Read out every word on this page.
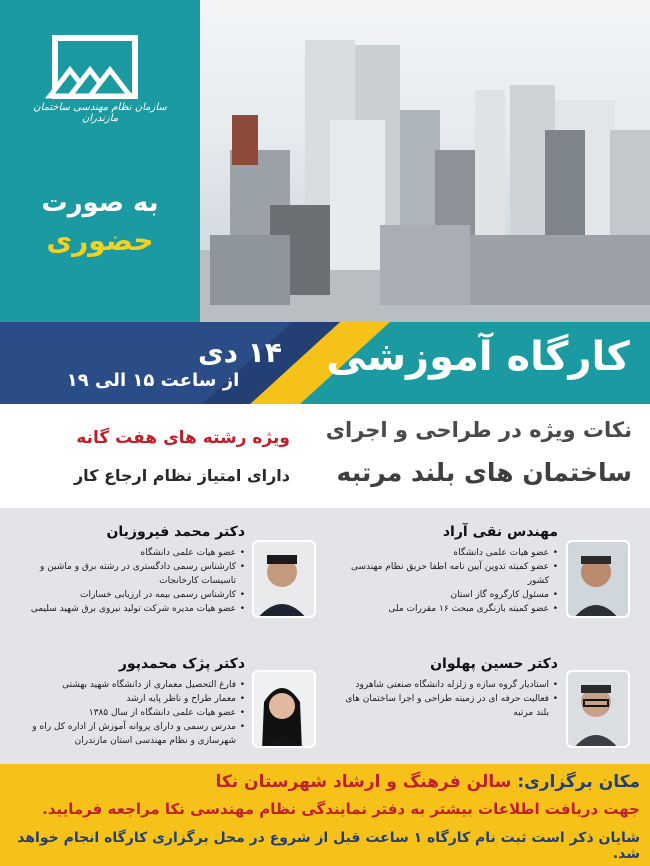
سازمان نظام مهندسی ساختمان مازندران
به صورت
حضوری
۱۴ دی
از ساعت ۱۵ الی ۱۹
کارگاه آموزشی
نکات ویژه در طراحی و اجرای
ساختمان های بلند مرتبه
ویژه رشته های هفت گانه
دارای امتیاز نظام ارجاع کار
مهندس نقی آراد
• عضو هیات علمی دانشگاه
• عضو کمیته تدوین آیین نامه اطفا حریق نظام مهندسی کشور
• مسئول کارگروه گاز استان
• عضو کمیته بازنگری مبحث ۱۶ مقررات ملی
دکتر محمد فیروزیان
• عضو هیات علمی دانشگاه
• کارشناس رسمی دادگستری در رشته برق و ماشین و تاسیسات کارخانجات
• کارشناس رسمی بیمه در ارزیابی خسارات
• عضو هیات مدیره شرکت تولید نیروی برق شهید سلیمی
دکتر حسین پهلوان
• استادیار گروه سازه و زلزله دانشگاه صنعتی شاهرود
• فعالیت حرفه ای در زمینه طراحی و اجرا ساختمان های بلند مرتبه
دکتر پژک محمدپور
• فارغ التحصیل معماری از دانشگاه شهید بهشتی
• معمار طراح و ناظر پایه ارشد
• عضو هیات علمی دانشگاه از سال ۱۳۸۵
• مدرس رسمی و دارای پروانه آموزش از اداره کل راه و شهرسازی و نظام مهندسی استان مازندران
مکان برگزاری: سالن فرهنگ و ارشاد شهرستان نکا
جهت دریافت اطلاعات بیشتر به دفتر نمایندگی نظام مهندسی نکا مراجعه فرمایید.
شایان ذکر است ثبت نام کارگاه ۱ ساعت قبل از شروع در محل برگزاری کارگاه انجام خواهد شد.
